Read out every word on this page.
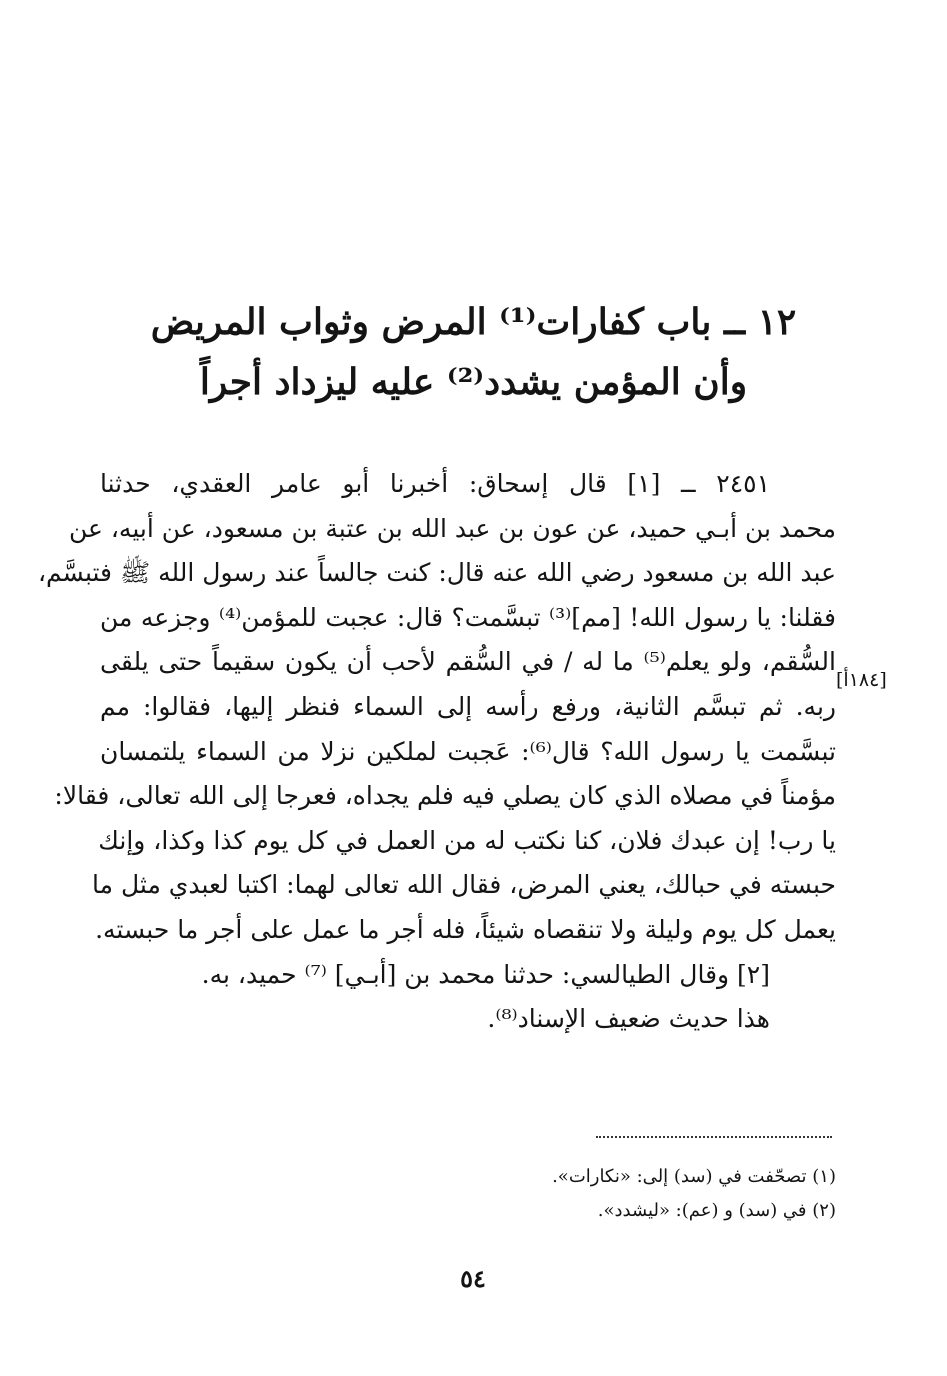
١٢ ــ باب كفارات⁽¹⁾ المرض وثواب المريض
وأن المؤمن يشدد⁽²⁾ عليه ليزداد أجراً
٢٤٥١ ــ [١] قال إسحاق: أخبرنا أبو عامر العقدي، حدثنا
محمد بن أبـي حميد، عن عون بن عبد الله بن عتبة بن مسعود، عن أبيه، عن
عبد الله بن مسعود رضي الله عنه قال: كنت جالساً عند رسول الله ﷺ فتبسَّم،
فقلنا: يا رسول الله! [مم]⁽³⁾ تبسَّمت؟ قال: عجبت للمؤمن⁽⁴⁾ وجزعه من
السُّقم، ولو يعلم⁽⁵⁾ ما له / في السُّقم لأحب أن يكون سقيماً حتى يلقى
ربه. ثم تبسَّم الثانية، ورفع رأسه إلى السماء فنظر إليها، فقالوا: مم
تبسَّمت يا رسول الله؟ قال⁽⁶⁾: عَجبت لملكين نزلا من السماء يلتمسان
مؤمناً في مصلاه الذي كان يصلي فيه فلم يجداه، فعرجا إلى الله تعالى، فقالا:
يا رب! إن عبدك فلان، كنا نكتب له من العمل في كل يوم كذا وكذا، وإنك
حبسته في حبالك، يعني المرض، فقال الله تعالى لهما: اكتبا لعبدي مثل ما
يعمل كل يوم وليلة ولا تنقصاه شيئاً، فله أجر ما عمل على أجر ما حبسته.
[٢] وقال الطيالسي: حدثنا محمد بن [أبـي] ⁽⁷⁾ حميد، به.
هذا حديث ضعيف الإسناد⁽⁸⁾.
[١٨٤أ]
(١) تصحّفت في (سد) إلى: «نكارات».
(٢) في (سد) و (عم): «ليشدد».
٥٤
